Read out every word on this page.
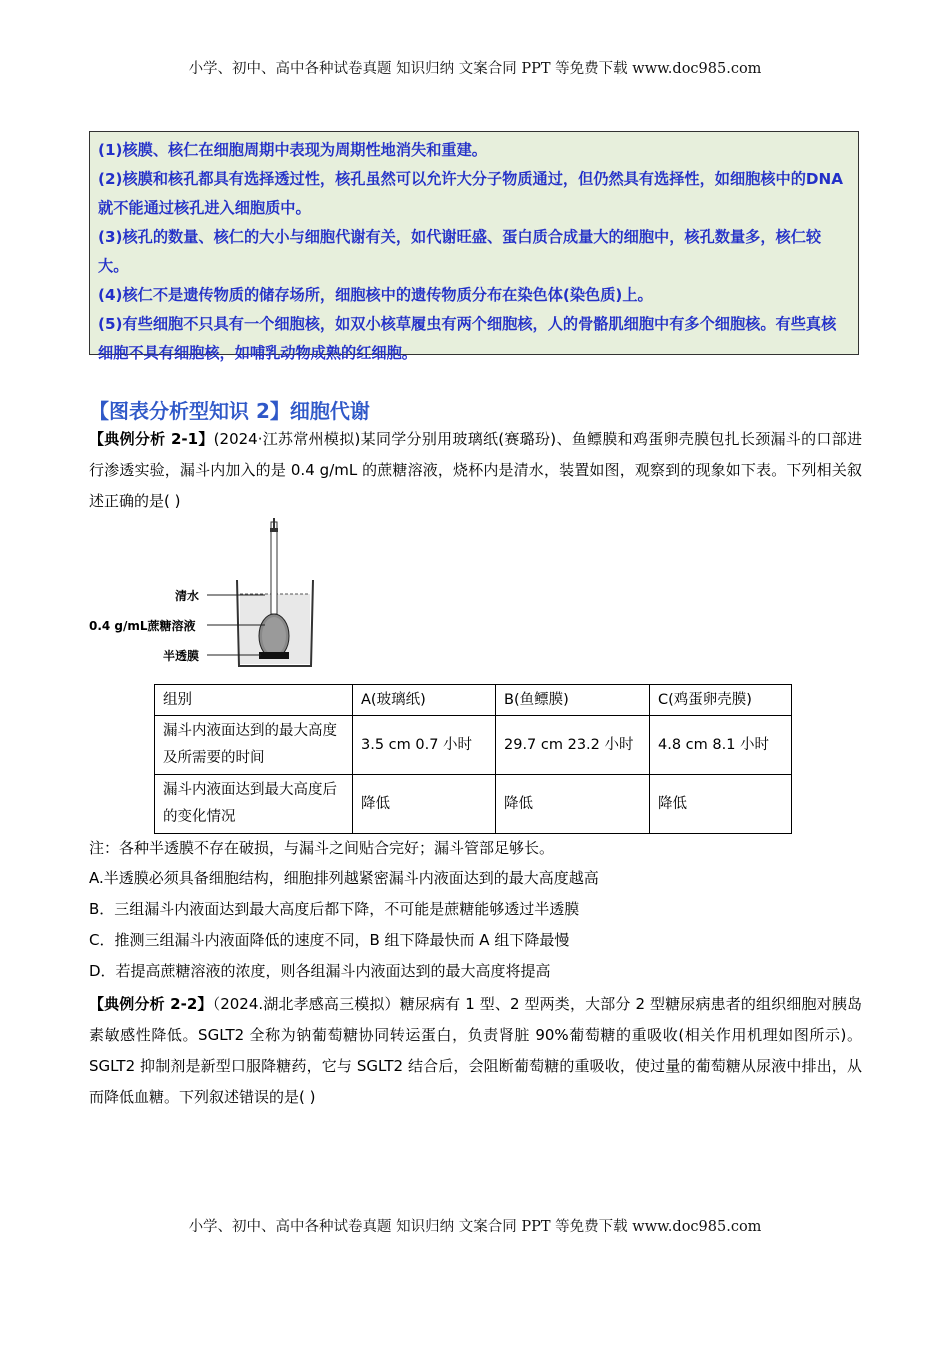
小学、初中、高中各种试卷真题 知识归纳 文案合同 PPT 等免费下载 www.doc985.com

(1)核膜、核仁在细胞周期中表现为周期性地消失和重建。

(2)核膜和核孔都具有选择透过性，核孔虽然可以允许大分子物质通过，但仍然具有选择性，如细胞核中的DNA就不能通过核孔进入细胞质中。

(3)核孔的数量、核仁的大小与细胞代谢有关，如代谢旺盛、蛋白质合成量大的细胞中，核孔数量多，核仁较大。

(4)核仁不是遗传物质的储存场所，细胞核中的遗传物质分布在染色体(染色质)上。

(5)有些细胞不只具有一个细胞核，如双小核草履虫有两个细胞核，人的骨骼肌细胞中有多个细胞核。有些真核细胞不具有细胞核，如哺乳动物成熟的红细胞。

【图表分析型知识 2】细胞代谢

【典例分析 2-1】(2024·江苏常州模拟)某同学分别用玻璃纸(赛璐玢)、鱼鳔膜和鸡蛋卵壳膜包扎长颈漏斗的口部进行渗透实验，漏斗内加入的是 0.4 g/mL 的蔗糖溶液，烧杯内是清水，装置如图，观察到的现象如下表。下列相关叙述正确的是( )

清水
0.4 g/mL蔗糖溶液
半透膜
组别	A(玻璃纸)	B(鱼鳔膜)	C(鸡蛋卵壳膜)
漏斗内液面达到的最大高度及所需要的时间	3.5 cm 0.7 小时	29.7 cm 23.2 小时	4.8 cm 8.1 小时
漏斗内液面达到最大高度后的变化情况	降低	降低	降低

注：各种半透膜不存在破损，与漏斗之间贴合完好；漏斗管部足够长。

A.半透膜必须具备细胞结构，细胞排列越紧密漏斗内液面达到的最大高度越高

B．三组漏斗内液面达到最大高度后都下降，不可能是蔗糖能够透过半透膜

C．推测三组漏斗内液面降低的速度不同，B 组下降最快而 A 组下降最慢

D．若提高蔗糖溶液的浓度，则各组漏斗内液面达到的最大高度将提高

【典例分析 2-2】（2024.湖北孝感高三模拟）糖尿病有 1 型、2 型两类，大部分 2 型糖尿病患者的组织细胞对胰岛素敏感性降低。SGLT2 全称为钠葡萄糖协同转运蛋白，负责肾脏 90%葡萄糖的重吸收(相关作用机理如图所示)。SGLT2 抑制剂是新型口服降糖药，它与 SGLT2 结合后，会阻断葡萄糖的重吸收，使过量的葡萄糖从尿液中排出，从而降低血糖。下列叙述错误的是( )

小学、初中、高中各种试卷真题 知识归纳 文案合同 PPT 等免费下载 www.doc985.com
